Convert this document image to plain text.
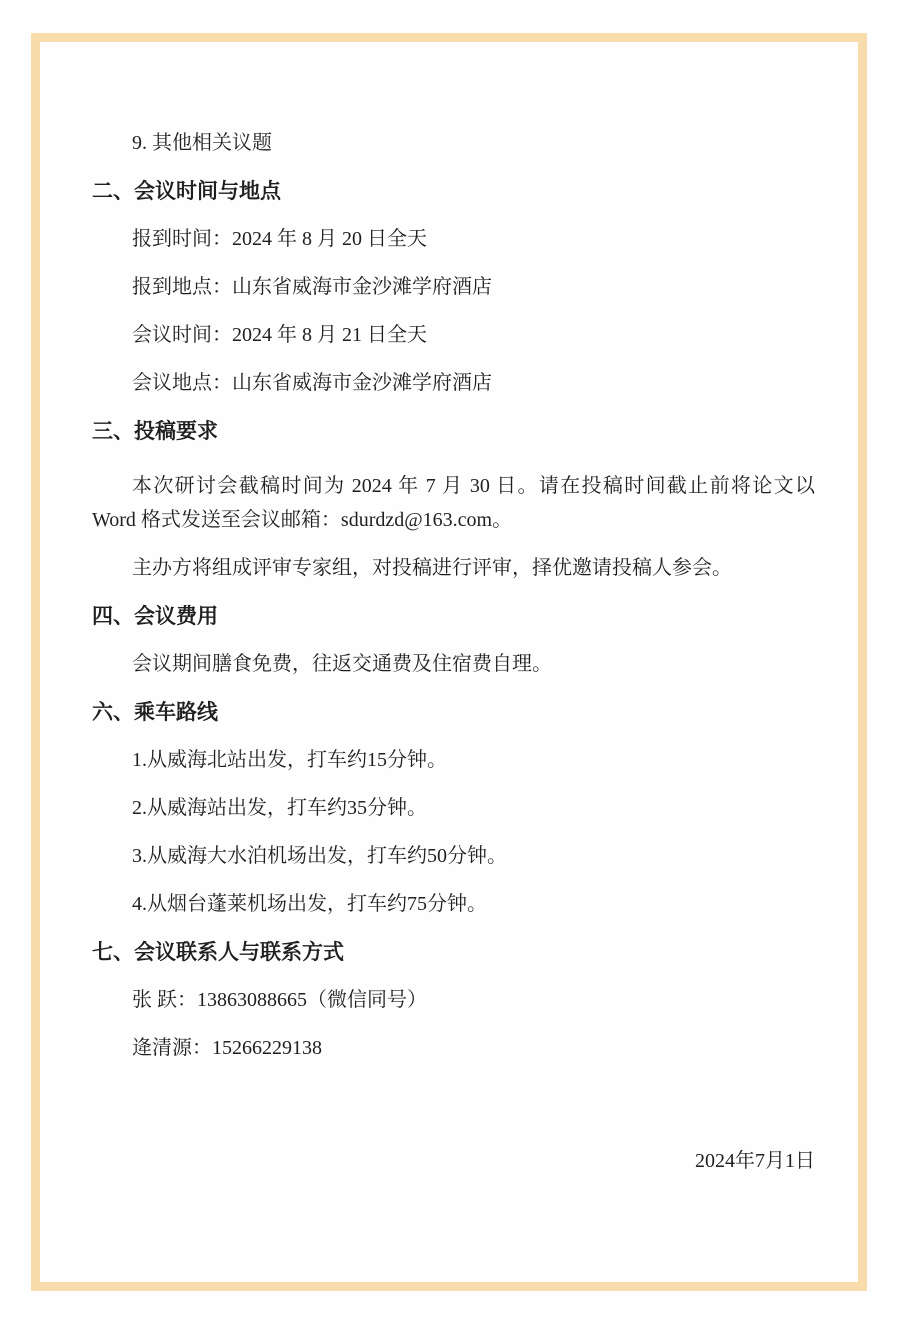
9. 其他相关议题

二、会议时间与地点

报到时间：2024 年 8 月 20 日全天

报到地点：山东省威海市金沙滩学府酒店

会议时间：2024 年 8 月 21 日全天

会议地点：山东省威海市金沙滩学府酒店

三、投稿要求

本次研讨会截稿时间为 2024 年 7 月 30 日。请在投稿时间截止前将论文以 Word 格式发送至会议邮箱：sdurdzd@163.com。

主办方将组成评审专家组，对投稿进行评审，择优邀请投稿人参会。

四、会议费用

会议期间膳食免费，往返交通费及住宿费自理。

六、乘车路线

1.从威海北站出发，打车约15分钟。

2.从威海站出发，打车约35分钟。

3.从威海大水泊机场出发，打车约50分钟。

4.从烟台蓬莱机场出发，打车约75分钟。

七、会议联系人与联系方式

张 跃：13863088665（微信同号）

逄清源：15266229138

2024年7月1日
